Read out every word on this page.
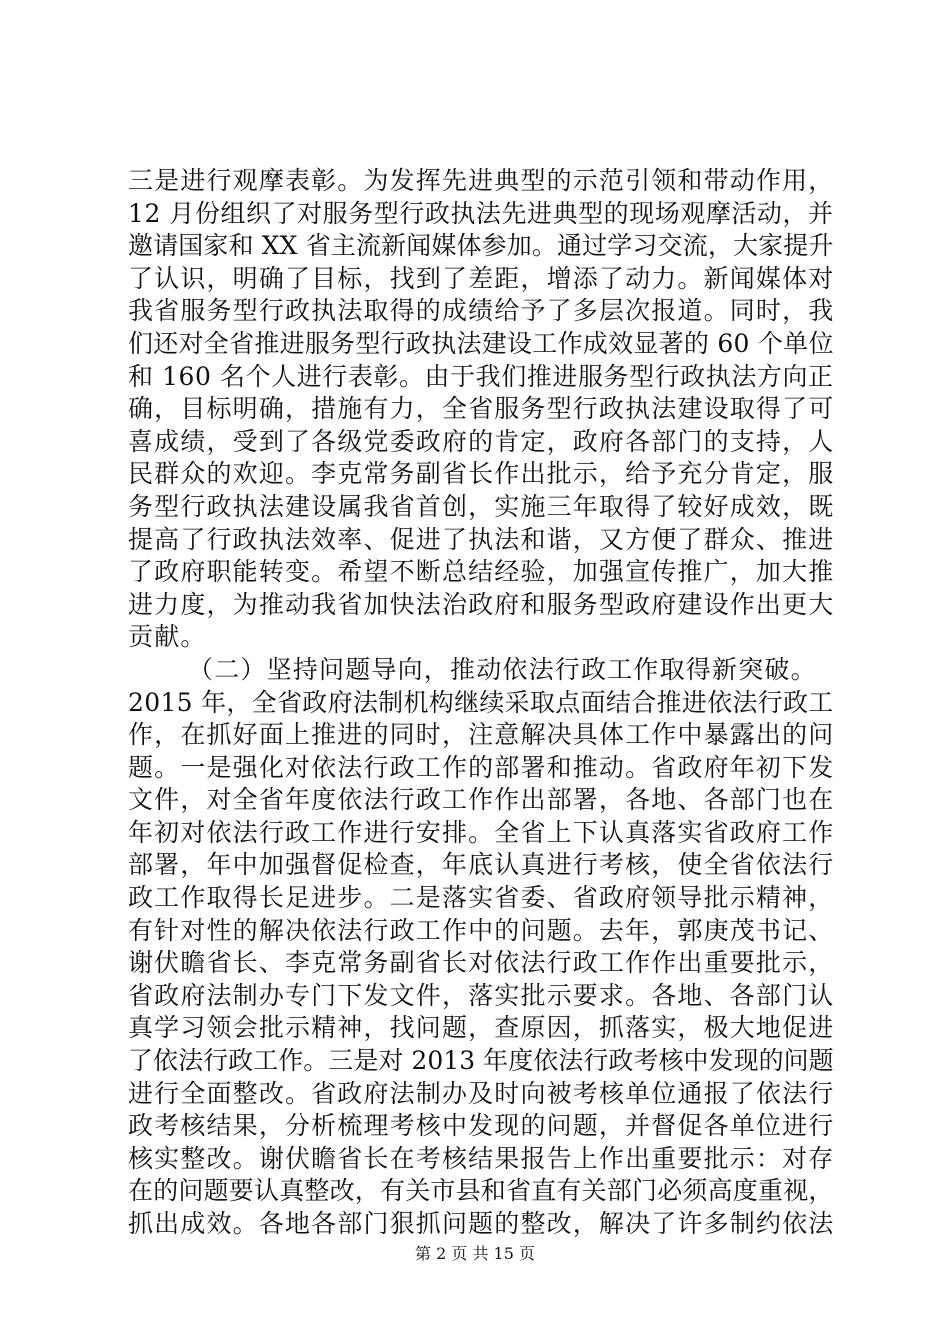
三是进行观摩表彰。为发挥先进典型的示范引领和带动作用，
12 月份组织了对服务型行政执法先进典型的现场观摩活动，并
邀请国家和 XX 省主流新闻媒体参加。通过学习交流，大家提升
了认识，明确了目标，找到了差距，增添了动力。新闻媒体对
我省服务型行政执法取得的成绩给予了多层次报道。同时，我
们还对全省推进服务型行政执法建设工作成效显著的 60 个单位
和 160 名个人进行表彰。由于我们推进服务型行政执法方向正
确，目标明确，措施有力，全省服务型行政执法建设取得了可
喜成绩，受到了各级党委政府的肯定，政府各部门的支持，人
民群众的欢迎。李克常务副省长作出批示，给予充分肯定，服
务型行政执法建设属我省首创，实施三年取得了较好成效，既
提高了行政执法效率、促进了执法和谐，又方便了群众、推进
了政府职能转变。希望不断总结经验，加强宣传推广，加大推
进力度，为推动我省加快法治政府和服务型政府建设作出更大
贡献。
（二）坚持问题导向，推动依法行政工作取得新突破。
2015 年，全省政府法制机构继续采取点面结合推进依法行政工
作，在抓好面上推进的同时，注意解决具体工作中暴露出的问
题。一是强化对依法行政工作的部署和推动。省政府年初下发
文件，对全省年度依法行政工作作出部署，各地、各部门也在
年初对依法行政工作进行安排。全省上下认真落实省政府工作
部署，年中加强督促检查，年底认真进行考核，使全省依法行
政工作取得长足进步。二是落实省委、省政府领导批示精神，
有针对性的解决依法行政工作中的问题。去年，郭庚茂书记、
谢伏瞻省长、李克常务副省长对依法行政工作作出重要批示，
省政府法制办专门下发文件，落实批示要求。各地、各部门认
真学习领会批示精神，找问题，查原因，抓落实，极大地促进
了依法行政工作。三是对 2013 年度依法行政考核中发现的问题
进行全面整改。省政府法制办及时向被考核单位通报了依法行
政考核结果，分析梳理考核中发现的问题，并督促各单位进行
核实整改。谢伏瞻省长在考核结果报告上作出重要批示：对存
在的问题要认真整改，有关市县和省直有关部门必须高度重视，
抓出成效。各地各部门狠抓问题的整改，解决了许多制约依法
第 2 页 共 15 页
